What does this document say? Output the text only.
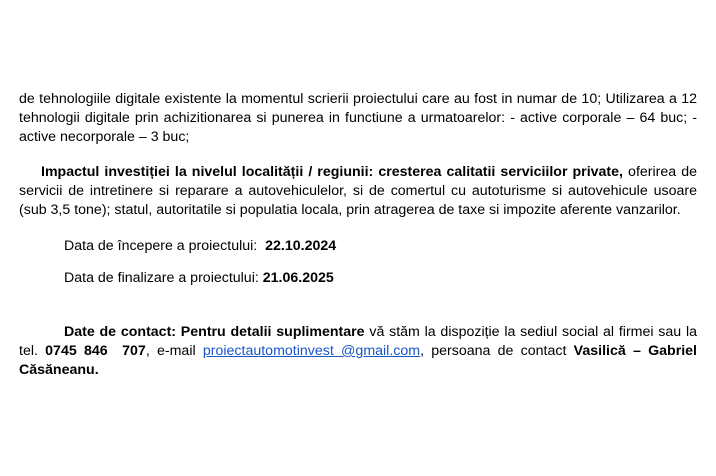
de tehnologiile digitale existente la momentul scrierii proiectului care au fost in numar de 10; Utilizarea a 12 tehnologii digitale prin achizitionarea si punerea in functiune a urmatoarelor: - active corporale – 64 buc; - active necorporale – 3 buc;
Impactul investiției la nivelul localității / regiunii: cresterea calitatii serviciilor private, oferirea de servicii de intretinere si reparare a autovehiculelor, si de comertul cu autoturisme si autovehicule usoare (sub 3,5 tone); statul, autoritatile si populatia locala, prin atragerea de taxe si impozite aferente vanzarilor.
Data de începere a proiectului:  22.10.2024
Data de finalizare a proiectului: 21.06.2025
Date de contact: Pentru detalii suplimentare vă stăm la dispoziție la sediul social al firmei sau la tel. 0745 846  707, e-mail proiectautomotinvest @gmail.com, persoana de contact Vasilică – Gabriel Căsăneanu.
